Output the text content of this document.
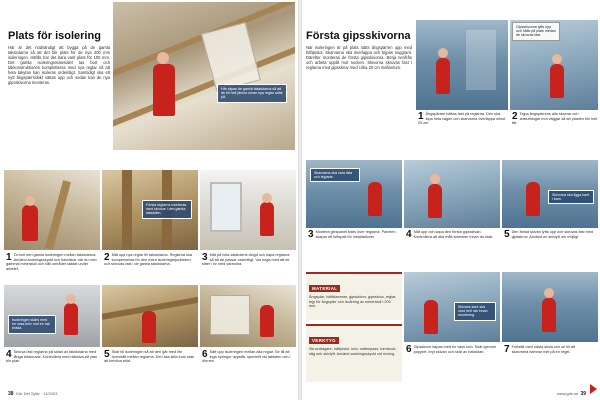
Plats för isolering
Här är det nödvändigt att bygga på de gamla takstolarna så att det blir plats för de nya 200 mm isoleringen. Hittills har det bara varit plats för 100 mm. Det gamla isoleringsmaterialet tas bort och takkonstruktionen kompletteras med nya reglar så att hela takytan kan isoleras ordentligt. Samtidigt ska ett nytt ångspärrsskikt sättas upp och sedan kan de nya gipsskivorna monteras.
Här slipas de gamla takstolarna så att de bli helt jämna innan nya reglar sätts på.
Första reglarna monteras med skruvar i den gamla takstolen.
1 Ta bort den gamla isoleringen mellan takstolarna. Använd andningsskydd och handskar när du river gammal mineralull och håll området städat under arbetet.
2 Mät upp nya reglar till takstolarna. Reglarna ska kompenseras för den extra isoleringstjockleken och skruvas fast i de gamla takstolarna.
3 Mät på hela takstolens längd och kapa reglarna så att de passar ordentligt. Var noga med att de sitter i liv med varandra.
Isoleringen skärs med en vass kniv mot en rak bräda.
4 Skruva fast reglarna på sidan av takstolarna med långa träskruvar. Kontrollera med rätskiva att ytan blir plan.
5 Skär till isoleringen så att den går med lite övermått mellan reglarna. Den ska sitta kvar utan att behöva stöd.
6 Sätt upp isoleringen mellan alla reglar. Se till att inga springor uppstår, speciellt vid takfoten och i hörnen.
38 Gör Det Själv · 11/2003
Första gipsskivorna
När isoleringen är på plats sätts ångspärren upp med häftpistol. Skarvarna ska överlappa och tejpas noggrant. Därefter monteras de första gipsskivorna. Börja nerifrån och arbeta uppåt mot nocken. Skivorna skruvas fast i reglarna med gipsskruv med cirka 20 cm mellanrum.
Gipsskivorna lyfts upp och hålls på plats medan de skruvas fast.
1 Ångspärren häftas fast på reglarna. Den ska löpa hela vägen och skarvarna överlappa minst 20 cm.
2 Tejpa ångspärrens alla skarvar och anslutningar mot väggar så att plasten blir helt tät.
Skarvarna ska vara täta och tejpade.
Skivorna ska ligga kant i kant.
3 Montera glespanel tvärs över reglarna. Panelen skapar ett luftspalt för installationer.	4 Mät upp och kapa den första gipsskivan. Kontrollera att alla mått stämmer innan du skär.	5 Den första skivan lyfts upp och skruvas fast med gipsskruv. Använd en skivlyft om möjligt.
MATERIAL
Ångspärr, häftklammer, gipsskivor, gipsskruv, reglar, tejp för ångspärr och isolering av mineralull i 200 mm.
VERKTYG
Skruvdragare, häftpistol, kniv, vattenpass, tumstock, såg och skivlyft. Använd andningsskydd vid rivning.
Skivans kant ska vara helt rak innan montering.
6 Gipsskivor kapas med en vass kniv. Skär igenom pappret, bryt skivan och skär av baksidan.	7 Fortsätt med nästa skiva och se till att skarvarna hamnar mitt på en regel.
www.gds.se 39
